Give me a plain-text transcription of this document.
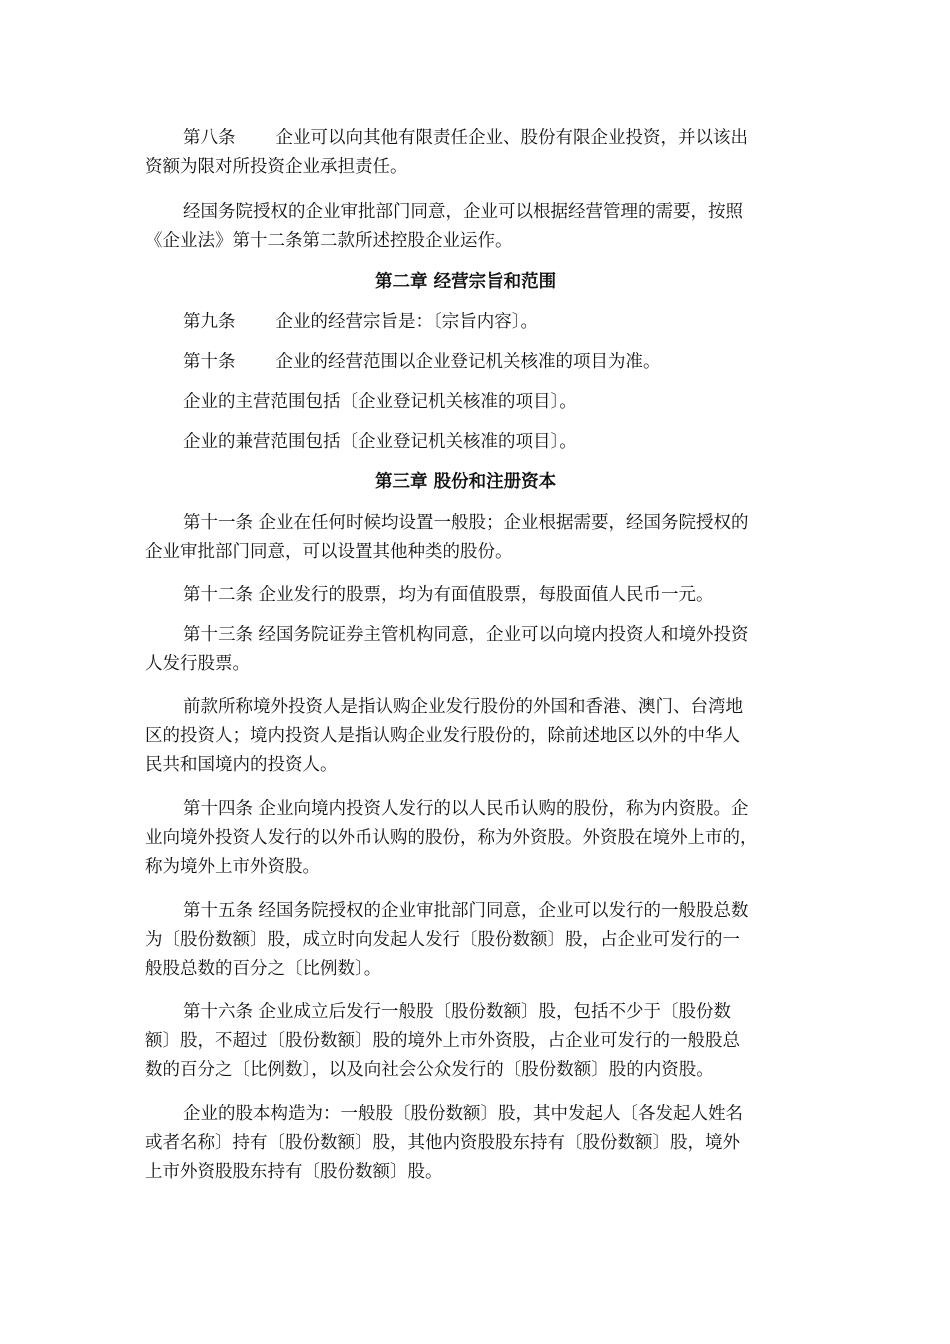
第八条 企业可以向其他有限责任企业、股份有限企业投资，并以该出
资额为限对所投资企业承担责任。
经国务院授权的企业审批部门同意，企业可以根据经营管理的需要，按照
《企业法》第十二条第二款所述控股企业运作。
第二章 经营宗旨和范围
第九条 企业的经营宗旨是：〔宗旨内容〕。
第十条 企业的经营范围以企业登记机关核准的项目为准。
企业的主营范围包括〔企业登记机关核准的项目〕。
企业的兼营范围包括〔企业登记机关核准的项目〕。
第三章 股份和注册资本
第十一条 企业在任何时候均设置一般股；企业根据需要，经国务院授权的
企业审批部门同意，可以设置其他种类的股份。
第十二条 企业发行的股票，均为有面值股票，每股面值人民币一元。
第十三条 经国务院证券主管机构同意，企业可以向境内投资人和境外投资
人发行股票。
前款所称境外投资人是指认购企业发行股份的外国和香港、澳门、台湾地
区的投资人；境内投资人是指认购企业发行股份的，除前述地区以外的中华人
民共和国境内的投资人。
第十四条 企业向境内投资人发行的以人民币认购的股份，称为内资股。企
业向境外投资人发行的以外币认购的股份，称为外资股。外资股在境外上市的，
称为境外上市外资股。
第十五条 经国务院授权的企业审批部门同意，企业可以发行的一般股总数
为〔股份数额〕股，成立时向发起人发行〔股份数额〕股，占企业可发行的一
般股总数的百分之〔比例数〕。
第十六条 企业成立后发行一般股〔股份数额〕股，包括不少于〔股份数
额〕股，不超过〔股份数额〕股的境外上市外资股，占企业可发行的一般股总
数的百分之〔比例数〕，以及向社会公众发行的〔股份数额〕股的内资股。
企业的股本构造为：一般股〔股份数额〕股，其中发起人〔各发起人姓名
或者名称〕持有〔股份数额〕股，其他内资股股东持有〔股份数额〕股，境外
上市外资股股东持有〔股份数额〕股。
